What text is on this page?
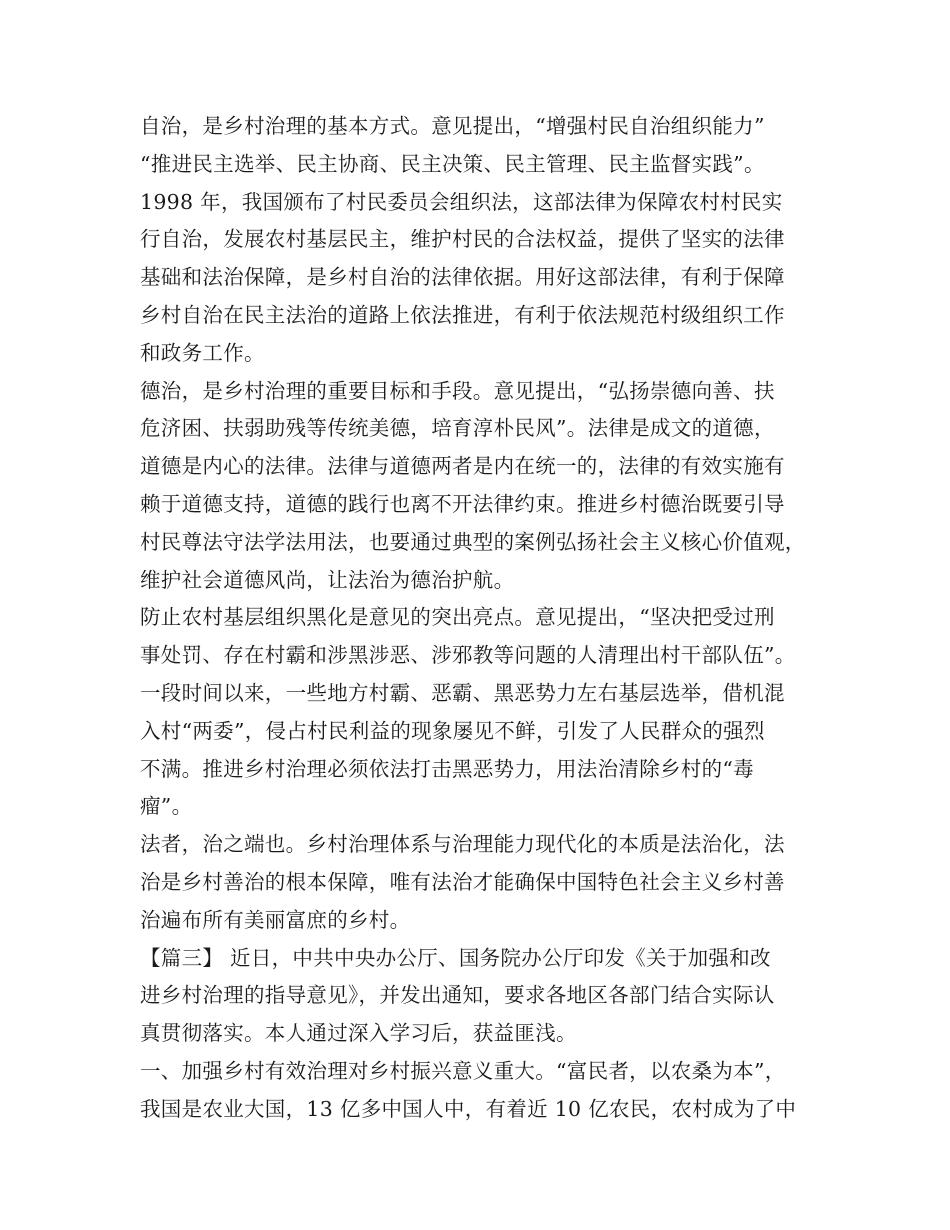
自治，是乡村治理的基本方式。意见提出，“增强村民自治组织能力”
“推进民主选举、民主协商、民主决策、民主管理、民主监督实践”。
1998 年，我国颁布了村民委员会组织法，这部法律为保障农村村民实
行自治，发展农村基层民主，维护村民的合法权益，提供了坚实的法律
基础和法治保障，是乡村自治的法律依据。用好这部法律，有利于保障
乡村自治在民主法治的道路上依法推进，有利于依法规范村级组织工作
和政务工作。

德治，是乡村治理的重要目标和手段。意见提出，“弘扬崇德向善、扶
危济困、扶弱助残等传统美德，培育淳朴民风”。法律是成文的道德，
道德是内心的法律。法律与道德两者是内在统一的，法律的有效实施有
赖于道德支持，道德的践行也离不开法律约束。推进乡村德治既要引导
村民尊法守法学法用法，也要通过典型的案例弘扬社会主义核心价值观，
维护社会道德风尚，让法治为德治护航。

防止农村基层组织黑化是意见的突出亮点。意见提出，“坚决把受过刑
事处罚、存在村霸和涉黑涉恶、涉邪教等问题的人清理出村干部队伍”。
一段时间以来，一些地方村霸、恶霸、黑恶势力左右基层选举，借机混
入村“两委”，侵占村民利益的现象屡见不鲜，引发了人民群众的强烈
不满。推进乡村治理必须依法打击黑恶势力，用法治清除乡村的“毒
瘤”。

法者，治之端也。乡村治理体系与治理能力现代化的本质是法治化，法
治是乡村善治的根本保障，唯有法治才能确保中国特色社会主义乡村善
治遍布所有美丽富庶的乡村。

【篇三】 近日，中共中央办公厅、国务院办公厅印发《关于加强和改
进乡村治理的指导意见》，并发出通知，要求各地区各部门结合实际认
真贯彻落实。本人通过深入学习后，获益匪浅。

一、加强乡村有效治理对乡村振兴意义重大。“富民者，以农桑为本”，
我国是农业大国，13 亿多中国人中，有着近 10 亿农民，农村成为了中
